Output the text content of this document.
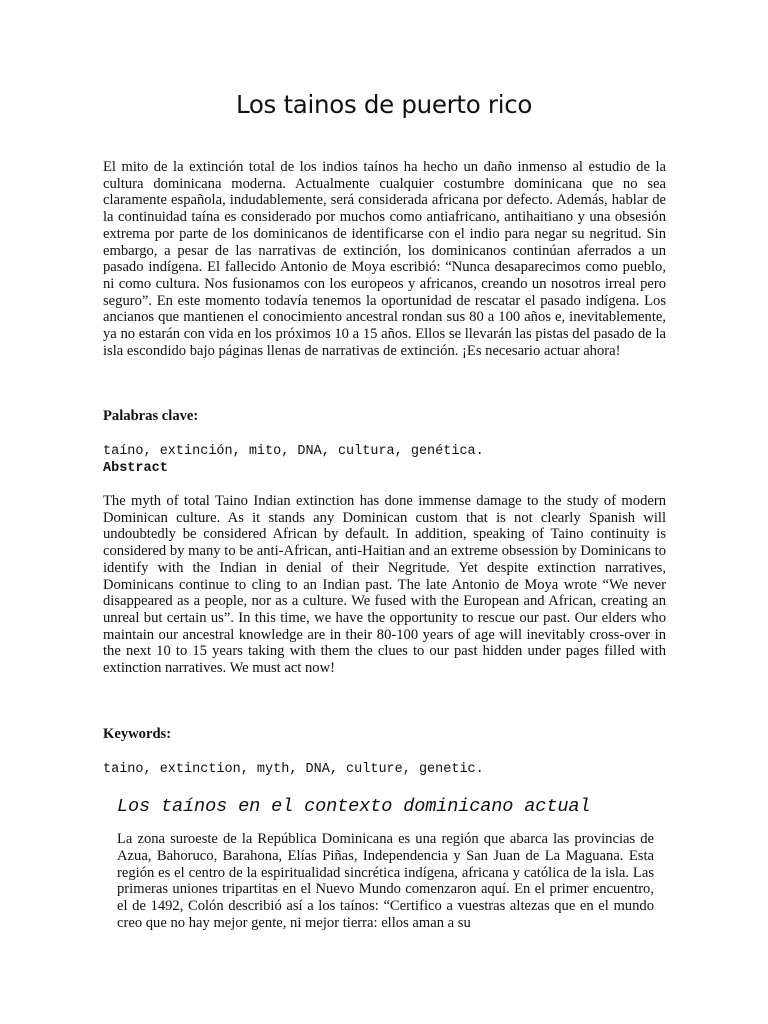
Los tainos de puerto rico

El mito de la extinción total de los indios taínos ha hecho un daño inmenso al estudio de la cultura dominicana moderna. Actualmente cualquier costumbre dominicana que no sea claramente española, indudablemente, será considerada africana por defecto. Además, hablar de la continuidad taína es considerado por muchos como antiafricano, antihaitiano y una obsesión extrema por parte de los dominicanos de identificarse con el indio para negar su negritud. Sin embargo, a pesar de las narrativas de extinción, los dominicanos continúan aferrados a un pasado indígena. El fallecido Antonio de Moya escribió: “Nunca desaparecimos como pueblo, ni como cultura. Nos fusionamos con los europeos y africanos, creando un nosotros irreal pero seguro”. En este momento todavía tenemos la oportunidad de rescatar el pasado indígena. Los ancianos que mantienen el conocimiento ancestral rondan sus 80 a 100 años e, inevitablemente, ya no estarán con vida en los próximos 10 a 15 años. Ellos se llevarán las pistas del pasado de la isla escondido bajo páginas llenas de narrativas de extinción. ¡Es necesario actuar ahora!

Palabras clave:

taíno, extinción, mito, DNA, cultura, genética.

Abstract

The myth of total Taino Indian extinction has done immense damage to the study of modern Dominican culture. As it stands any Dominican custom that is not clearly Spanish will undoubtedly be considered African by default. In addition, speaking of Taino continuity is considered by many to be anti-African, anti-Haitian and an extreme obsession by Dominicans to identify with the Indian in denial of their Negritude. Yet despite extinction narratives, Dominicans continue to cling to an Indian past. The late Antonio de Moya wrote “We never disappeared as a people, nor as a culture. We fused with the European and African, creating an unreal but certain us”. In this time, we have the opportunity to rescue our past. Our elders who maintain our ancestral knowledge are in their 80-100 years of age will inevitably cross-over in the next 10 to 15 years taking with them the clues to our past hidden under pages filled with extinction narratives. We must act now!

Keywords:

taino, extinction, myth, DNA, culture, genetic.

Los taínos en el contexto dominicano actual

La zona suroeste de la República Dominicana es una región que abarca las provincias de Azua, Bahoruco, Barahona, Elías Piñas, Independencia y San Juan de La Maguana. Esta región es el centro de la espiritualidad sincrética indígena, africana y católica de la isla. Las primeras uniones tripartitas en el Nuevo Mundo comenzaron aquí. En el primer encuentro, el de 1492, Colón describió así a los taínos: “Certifico a vuestras altezas que en el mundo creo que no hay mejor gente, ni mejor tierra: ellos aman a su
